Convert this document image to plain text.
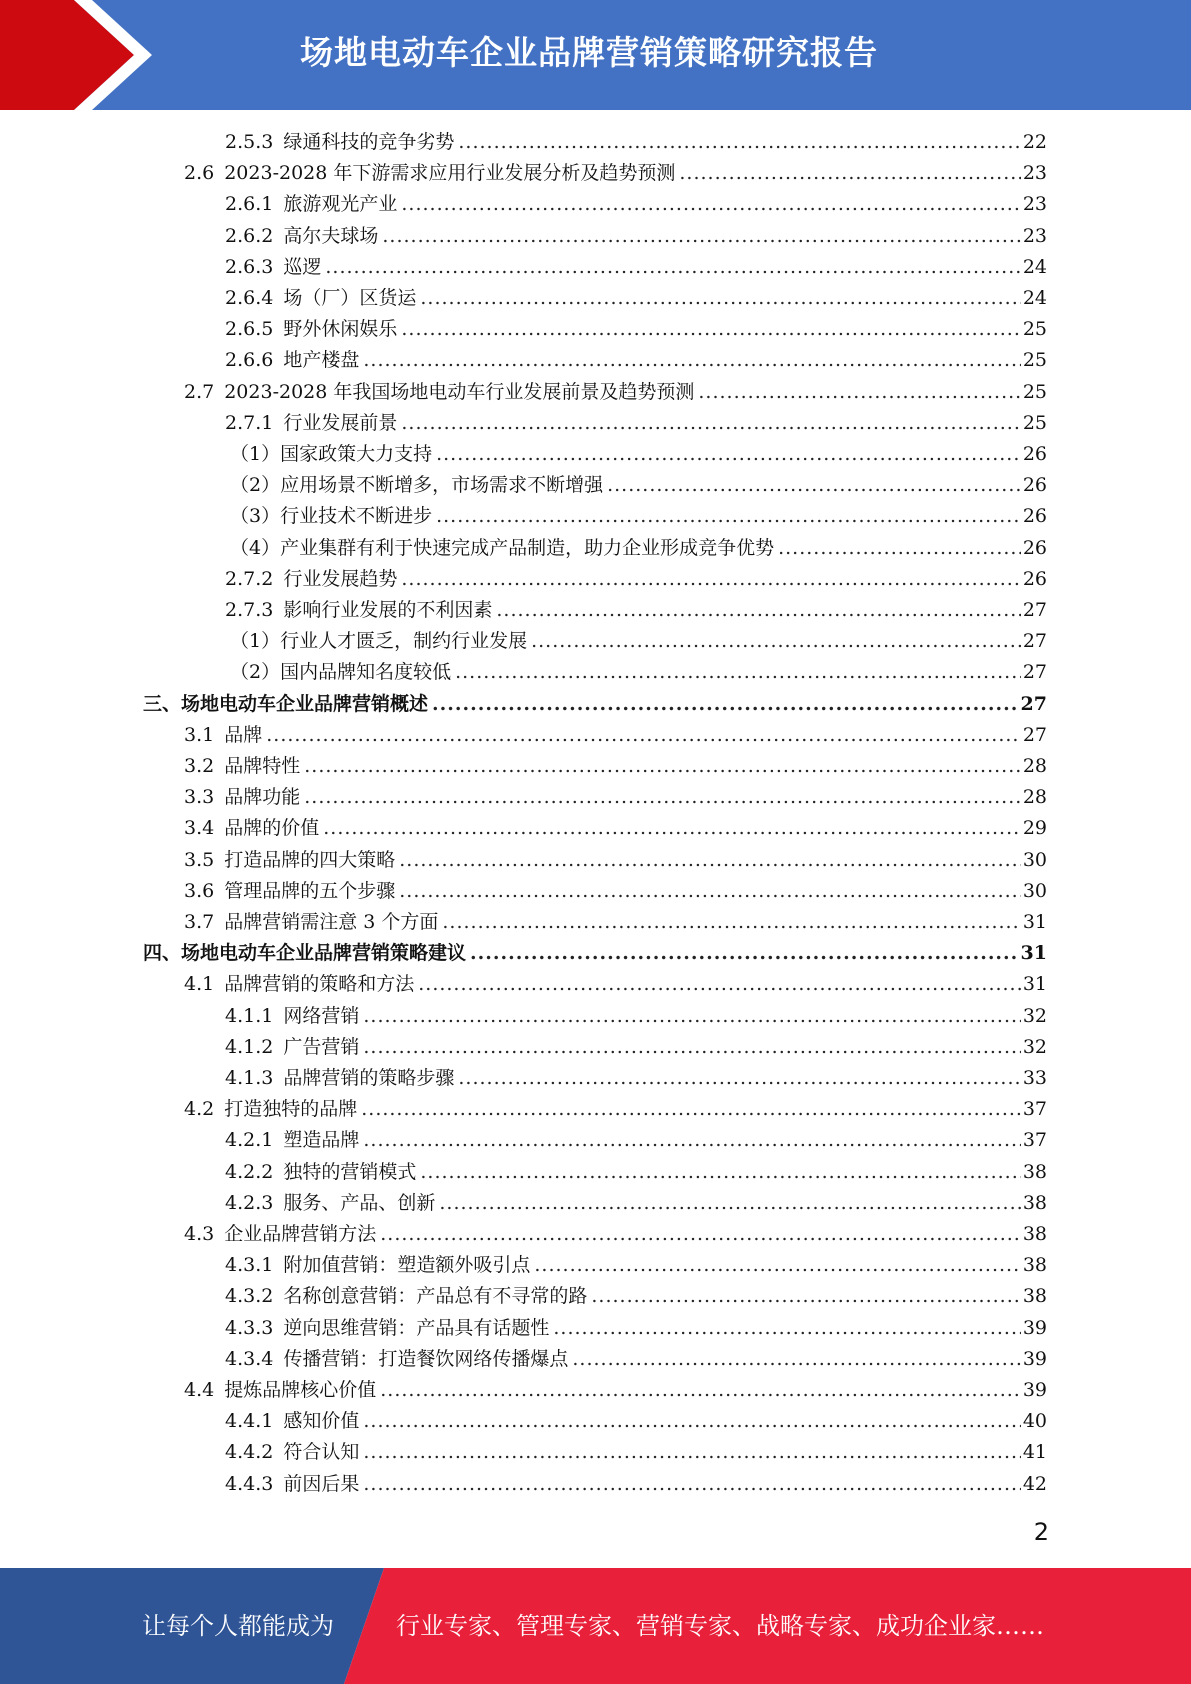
场地电动车企业品牌营销策略研究报告
2.5.3 绿通科技的竞争劣势 .....	22
2.6 2023-2028 年下游需求应用行业发展分析及趋势预测 .....	23
2.6.1 旅游观光产业 .....	23
2.6.2 高尔夫球场 .....	23
2.6.3 巡逻 .....	24
2.6.4 场（厂）区货运 .....	24
2.6.5 野外休闲娱乐 .....	25
2.6.6 地产楼盘 .....	25
2.7 2023-2028 年我国场地电动车行业发展前景及趋势预测 .....	25
2.7.1 行业发展前景 .....	25
（1）国家政策大力支持 .....	26
（2）应用场景不断增多，市场需求不断增强 .....	26
（3）行业技术不断进步 .....	26
（4）产业集群有利于快速完成产品制造，助力企业形成竞争优势 .....	26
2.7.2 行业发展趋势 .....	26
2.7.3 影响行业发展的不利因素 .....	27
（1）行业人才匮乏，制约行业发展 .....	27
（2）国内品牌知名度较低 .....	27
三、场地电动车企业品牌营销概述 .....	27
3.1 品牌 .....	27
3.2 品牌特性 .....	28
3.3 品牌功能 .....	28
3.4 品牌的价值 .....	29
3.5 打造品牌的四大策略 .....	30
3.6 管理品牌的五个步骤 .....	30
3.7 品牌营销需注意 3 个方面 .....	31
四、场地电动车企业品牌营销策略建议 .....	31
4.1 品牌营销的策略和方法 .....	31
4.1.1 网络营销 .....	32
4.1.2 广告营销 .....	32
4.1.3 品牌营销的策略步骤 .....	33
4.2 打造独特的品牌 .....	37
4.2.1 塑造品牌 .....	37
4.2.2 独特的营销模式 .....	38
4.2.3 服务、产品、创新 .....	38
4.3 企业品牌营销方法 .....	38
4.3.1 附加值营销：塑造额外吸引点 .....	38
4.3.2 名称创意营销：产品总有不寻常的路 .....	38
4.3.3 逆向思维营销：产品具有话题性 .....	39
4.3.4 传播营销：打造餐饮网络传播爆点 .....	39
4.4 提炼品牌核心价值 .....	39
4.4.1 感知价值 .....	40
4.4.2 符合认知 .....	41
4.4.3 前因后果 .....	42
2
让每个人都能成为	行业专家、管理专家、营销专家、战略专家、成功企业家……
